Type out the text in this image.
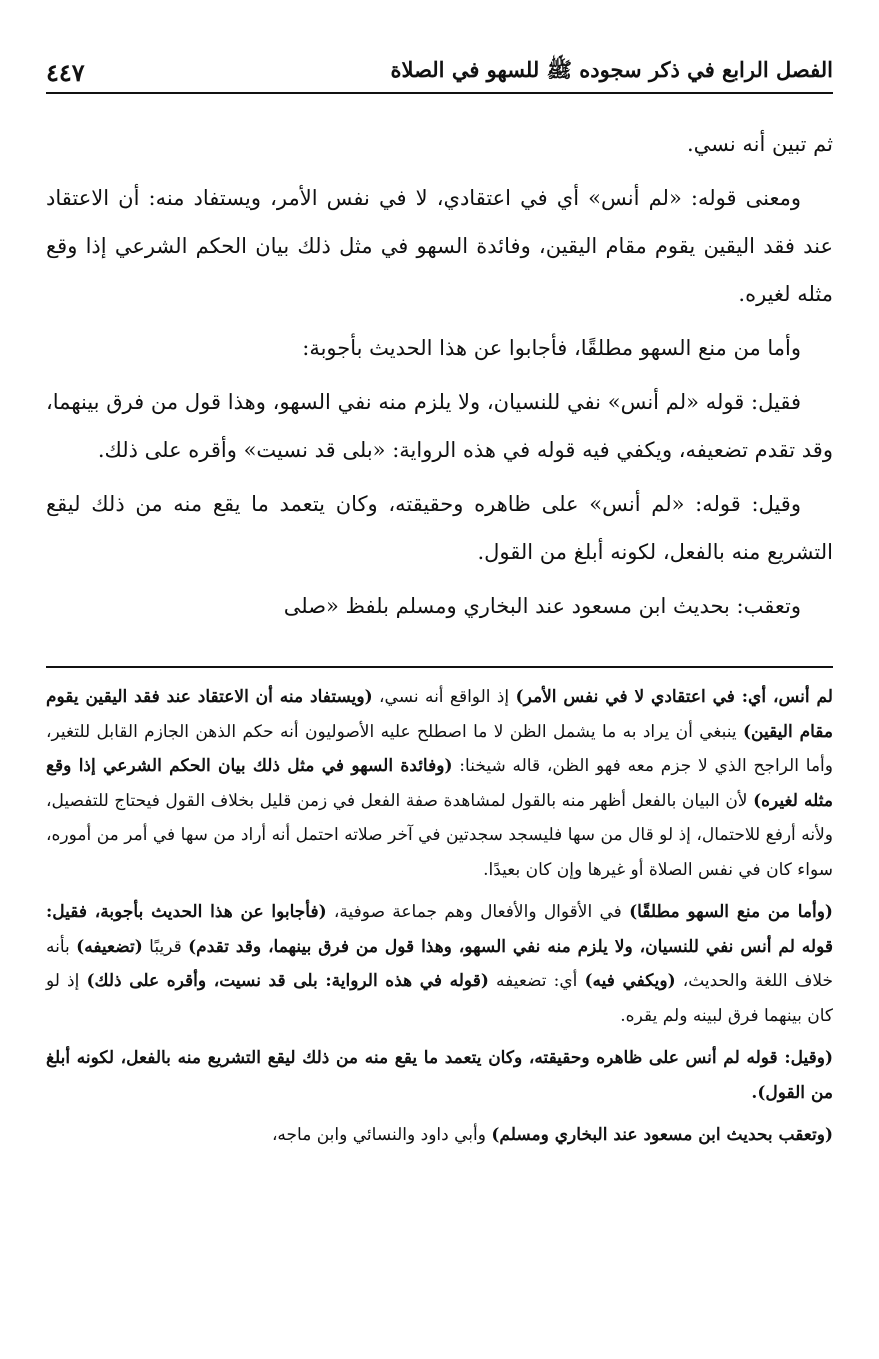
الفصل الرابع في ذكر سجوده ﷺ للسهو في الصلاة
٤٤٧

ثم تبين أنه نسي.

ومعنى قوله: «لم أنس» أي في اعتقادي، لا في نفس الأمر، ويستفاد منه: أن الاعتقاد عند فقد اليقين يقوم مقام اليقين، وفائدة السهو في مثل ذلك بيان الحكم الشرعي إذا وقع مثله لغيره.

وأما من منع السهو مطلقًا، فأجابوا عن هذا الحديث بأجوبة:

فقيل: قوله «لم أنس» نفي للنسيان، ولا يلزم منه نفي السهو، وهذا قول من فرق بينهما، وقد تقدم تضعيفه، ويكفي فيه قوله في هذه الرواية: «بلى قد نسيت» وأقره على ذلك.

وقيل: قوله: «لم أنس» على ظاهره وحقيقته، وكان يتعمد ما يقع منه من ذلك ليقع التشريع منه بالفعل، لكونه أبلغ من القول.

وتعقب: بحديث ابن مسعود عند البخاري ومسلم بلفظ «صلى

لم أنس، أي: في اعتقادي لا في نفس الأمر) إذ الواقع أنه نسي، (ويستفاد منه أن الاعتقاد عند فقد اليقين يقوم مقام اليقين) ينبغي أن يراد به ما يشمل الظن لا ما اصطلح عليه الأصوليون أنه حكم الذهن الجازم القابل للتغير، وأما الراجح الذي لا جزم معه فهو الظن، قاله شيخنا: (وفائدة السهو في مثل ذلك بيان الحكم الشرعي إذا وقع مثله لغيره) لأن البيان بالفعل أظهر منه بالقول لمشاهدة صفة الفعل في زمن قليل بخلاف القول فيحتاج للتفصيل، ولأنه أرفع للاحتمال، إذ لو قال من سها فليسجد سجدتين في آخر صلاته احتمل أنه أراد من سها في أمر من أموره، سواء كان في نفس الصلاة أو غيرها وإن كان بعيدًا.

(وأما من منع السهو مطلقًا) في الأقوال والأفعال وهم جماعة صوفية، (فأجابوا عن هذا الحديث بأجوبة، فقيل: قوله لم أنس نفي للنسيان، ولا يلزم منه نفي السهو، وهذا قول من فرق بينهما، وقد تقدم) قريبًا (تضعيفه) بأنه خلاف اللغة والحديث، (ويكفي فيه) أي: تضعيفه (قوله في هذه الرواية: بلى قد نسيت، وأقره على ذلك) إذ لو كان بينهما فرق لبينه ولم يقره.

(وقيل: قوله لم أنس على ظاهره وحقيقته، وكان يتعمد ما يقع منه من ذلك ليقع التشريع منه بالفعل، لكونه أبلغ من القول).

(وتعقب بحديث ابن مسعود عند البخاري ومسلم) وأبي داود والنسائي وابن ماجه،
